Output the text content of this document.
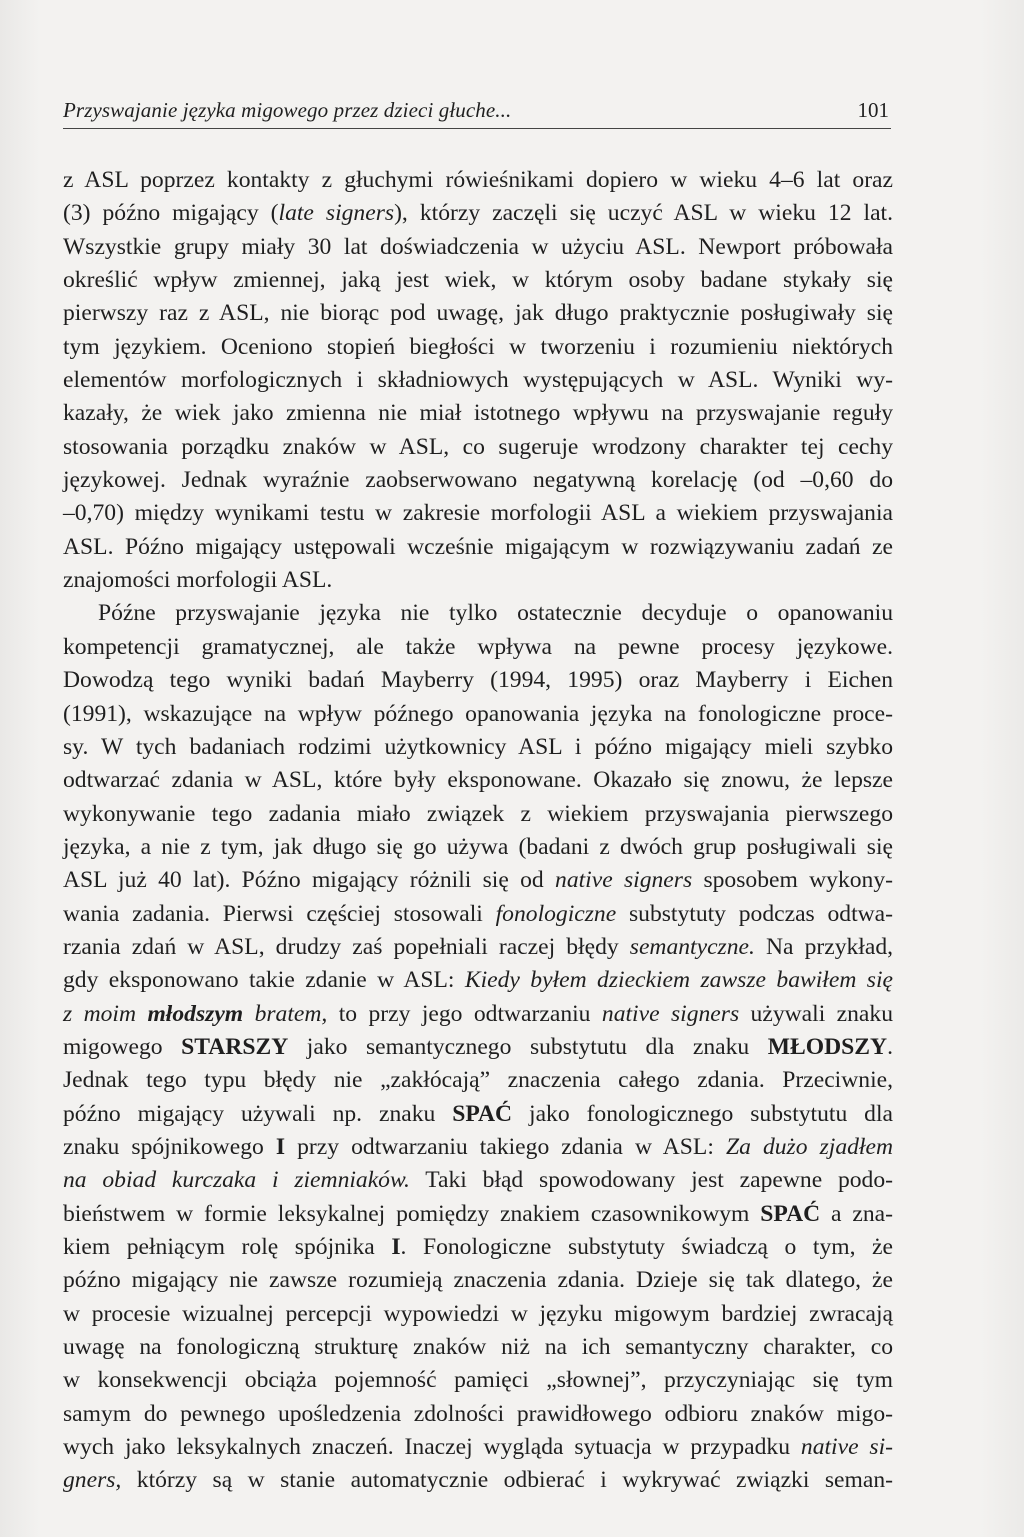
Przyswajanie języka migowego przez dzieci głuche...	101
z ASL poprzez kontakty z głuchymi rówieśnikami dopiero w wieku 4–6 lat oraz
(3) późno migający (late signers), którzy zaczęli się uczyć ASL w wieku 12 lat.
Wszystkie grupy miały 30 lat doświadczenia w użyciu ASL. Newport próbowała
określić wpływ zmiennej, jaką jest wiek, w którym osoby badane stykały się
pierwszy raz z ASL, nie biorąc pod uwagę, jak długo praktycznie posługiwały się
tym językiem. Oceniono stopień biegłości w tworzeniu i rozumieniu niektórych
elementów morfologicznych i składniowych występujących w ASL. Wyniki wy-
kazały, że wiek jako zmienna nie miał istotnego wpływu na przyswajanie reguły
stosowania porządku znaków w ASL, co sugeruje wrodzony charakter tej cechy
językowej. Jednak wyraźnie zaobserwowano negatywną korelację (od –0,60 do
–0,70) między wynikami testu w zakresie morfologii ASL a wiekiem przyswajania
ASL. Późno migający ustępowali wcześnie migającym w rozwiązywaniu zadań ze
znajomości morfologii ASL.
Późne przyswajanie języka nie tylko ostatecznie decyduje o opanowaniu
kompetencji gramatycznej, ale także wpływa na pewne procesy językowe.
Dowodzą tego wyniki badań Mayberry (1994, 1995) oraz Mayberry i Eichen
(1991), wskazujące na wpływ późnego opanowania języka na fonologiczne proce-
sy. W tych badaniach rodzimi użytkownicy ASL i późno migający mieli szybko
odtwarzać zdania w ASL, które były eksponowane. Okazało się znowu, że lepsze
wykonywanie tego zadania miało związek z wiekiem przyswajania pierwszego
języka, a nie z tym, jak długo się go używa (badani z dwóch grup posługiwali się
ASL już 40 lat). Późno migający różnili się od native signers sposobem wykony-
wania zadania. Pierwsi częściej stosowali fonologiczne substytuty podczas odtwa-
rzania zdań w ASL, drudzy zaś popełniali raczej błędy semantyczne. Na przykład,
gdy eksponowano takie zdanie w ASL: Kiedy byłem dzieckiem zawsze bawiłem się
z moim młodszym bratem, to przy jego odtwarzaniu native signers używali znaku
migowego STARSZY jako semantycznego substytutu dla znaku MŁODSZY.
Jednak tego typu błędy nie „zakłócają” znaczenia całego zdania. Przeciwnie,
późno migający używali np. znaku SPAĆ jako fonologicznego substytutu dla
znaku spójnikowego I przy odtwarzaniu takiego zdania w ASL: Za dużo zjadłem
na obiad kurczaka i ziemniaków. Taki błąd spowodowany jest zapewne podo-
bieństwem w formie leksykalnej pomiędzy znakiem czasownikowym SPAĆ a zna-
kiem pełniącym rolę spójnika I. Fonologiczne substytuty świadczą o tym, że
późno migający nie zawsze rozumieją znaczenia zdania. Dzieje się tak dlatego, że
w procesie wizualnej percepcji wypowiedzi w języku migowym bardziej zwracają
uwagę na fonologiczną strukturę znaków niż na ich semantyczny charakter, co
w konsekwencji obciąża pojemność pamięci „słownej”, przyczyniając się tym
samym do pewnego upośledzenia zdolności prawidłowego odbioru znaków migo-
wych jako leksykalnych znaczeń. Inaczej wygląda sytuacja w przypadku native si-
gners, którzy są w stanie automatycznie odbierać i wykrywać związki seman-
